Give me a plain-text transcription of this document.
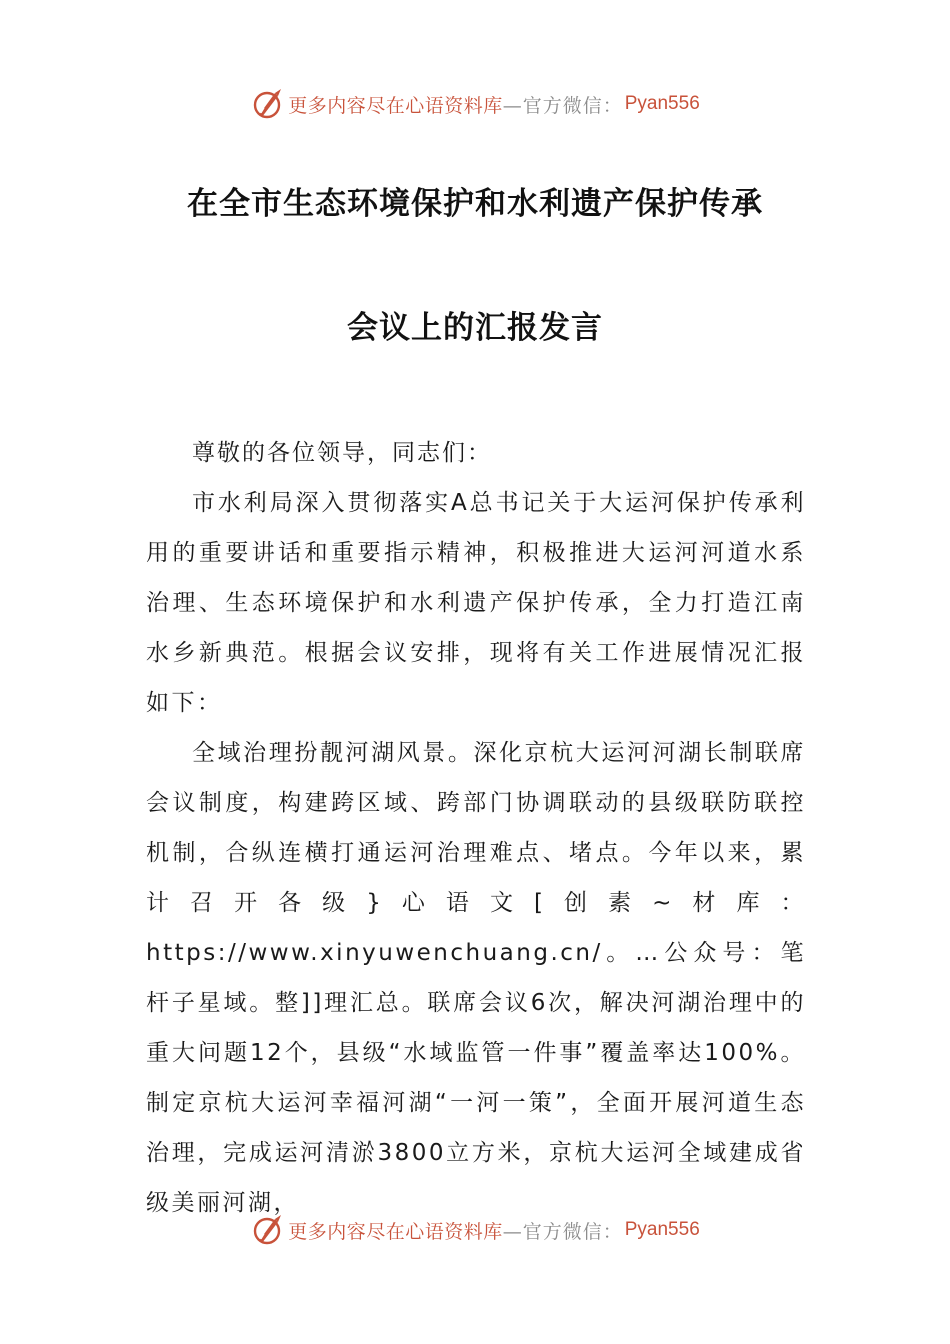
更多内容尽在心语资料库 —官方微信： Pyan556
在全市生态环境保护和水利遗产保护传承
会议上的汇报发言

尊敬的各位领导，同志们：

市水利局深入贯彻落实A总书记关于大运河保护传承利用的重要讲话和重要指示精神，积极推进大运河河道水系治理、生态环境保护和水利遗产保护传承，全力打造江南水乡新典范。根据会议安排，现将有关工作进展情况汇报如下：

全域治理扮靓河湖风景。深化京杭大运河河湖长制联席会议制度，构建跨区域、跨部门协调联动的县级联防联控机制，合纵连横打通运河治理难点、堵点。今年以来，累计召开各级}心语文[创素~材库：https://www.xinyuwenchuang.cn/。…公众号：笔杆子星域。整]]理汇总。联席会议6次，解决河湖治理中的重大问题12个，县级“水域监管一件事”覆盖率达100%。制定京杭大运河幸福河湖“一河一策”，全面开展河道生态治理，完成运河清淤3800立方米，京杭大运河全域建成省级美丽河湖，

更多内容尽在心语资料库 —官方微信： Pyan556
